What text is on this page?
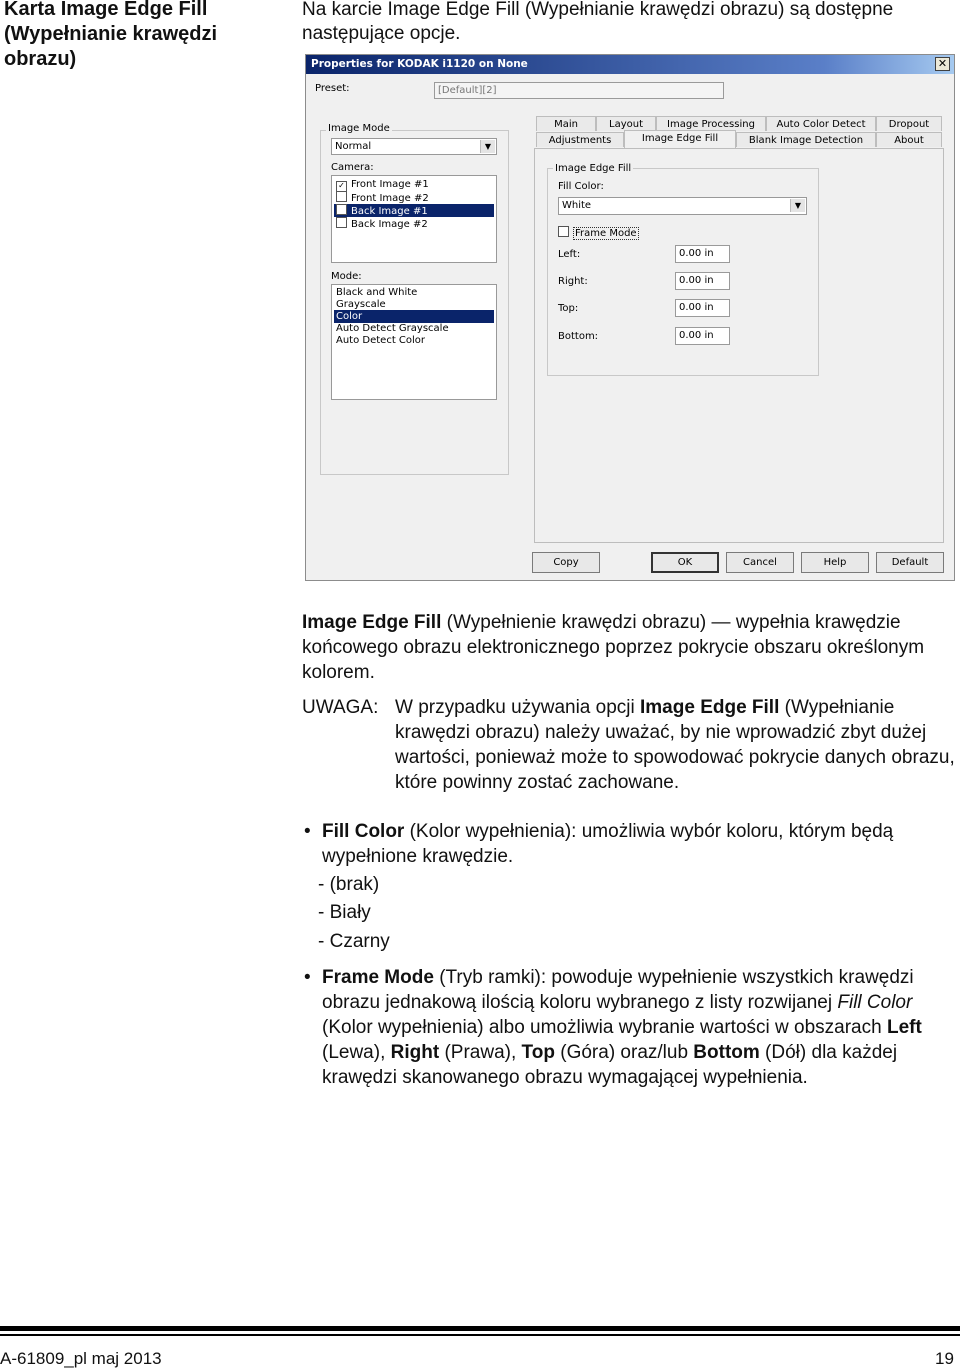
Karta Image Edge Fill (Wypełnianie krawędzi obrazu)
Na karcie Image Edge Fill (Wypełnianie krawędzi obrazu) są dostępne następujące opcje.
Properties for KODAK i1120 on None	✕
Preset:	[Default][2]
Image Mode
Normal	▼
Camera:
✓ Front Image #1
Front Image #2
Back Image #1
Back Image #2
Mode:
Black and White
Grayscale
Color
Auto Detect Grayscale
Auto Detect Color
Main	Layout	Image Processing	Auto Color Detect	Dropout
Adjustments	Image Edge Fill	Blank Image Detection	About
Image Edge Fill
Fill Color:
White	▼
Frame Mode
Left:	0.00 in
Right:	0.00 in
Top:	0.00 in
Bottom:	0.00 in
Copy	OK	Cancel	Help	Default
Image Edge Fill (Wypełnienie krawędzi obrazu) — wypełnia krawędzie końcowego obrazu elektronicznego poprzez pokrycie obszaru określonym kolorem.
UWAGA: W przypadku używania opcji Image Edge Fill (Wypełnianie krawędzi obrazu) należy uważać, by nie wprowadzić zbyt dużej wartości, ponieważ może to spowodować pokrycie danych obrazu, które powinny zostać zachowane.
• Fill Color (Kolor wypełnienia): umożliwia wybór koloru, którym będą wypełnione krawędzie.
- (brak)
- Biały
- Czarny
• Frame Mode (Tryb ramki): powoduje wypełnienie wszystkich krawędzi obrazu jednakową ilością koloru wybranego z listy rozwijanej Fill Color (Kolor wypełnienia) albo umożliwia wybranie wartości w obszarach Left (Lewa), Right (Prawa), Top (Góra) oraz/lub Bottom (Dół) dla każdej krawędzi skanowanego obrazu wymagającej wypełnienia.
A-61809_pl maj 2013	19
